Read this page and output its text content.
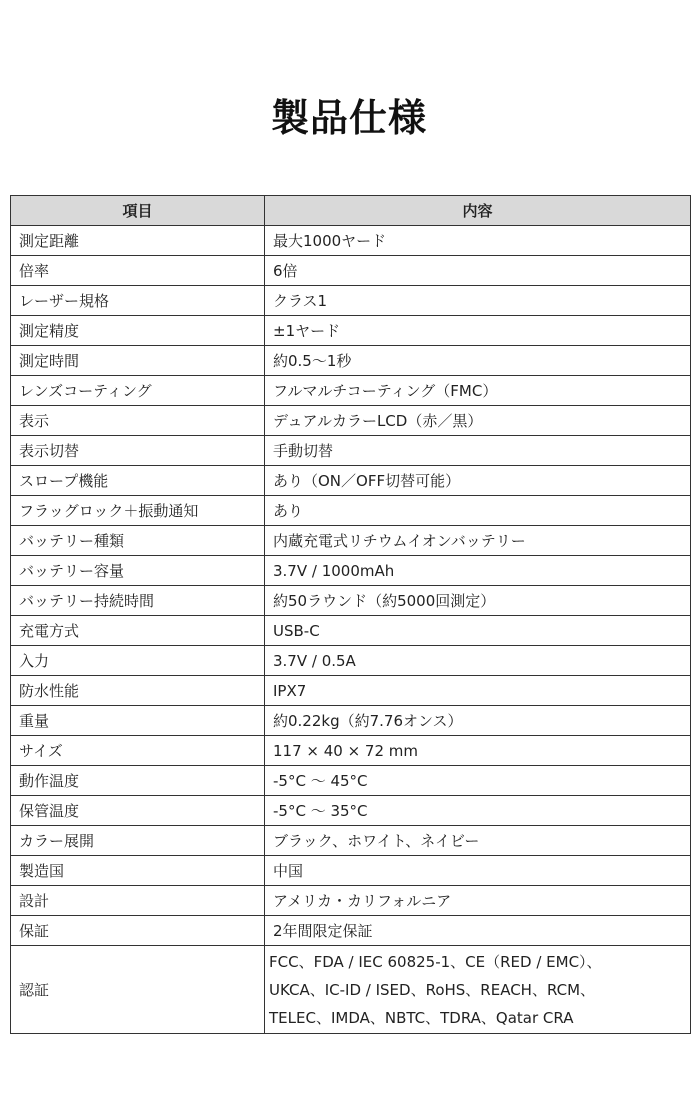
製品仕様
項目	内容
測定距離	最大1000ヤード
倍率	6倍
レーザー規格	クラス1
測定精度	±1ヤード
測定時間	約0.5〜1秒
レンズコーティング	フルマルチコーティング（FMC）
表示	デュアルカラーLCD（赤／黒）
表示切替	手動切替
スロープ機能	あり（ON／OFF切替可能）
フラッグロック＋振動通知	あり
バッテリー種類	内蔵充電式リチウムイオンバッテリー
バッテリー容量	3.7V / 1000mAh
バッテリー持続時間	約50ラウンド（約5000回測定）
充電方式	USB-C
入力	3.7V / 0.5A
防水性能	IPX7
重量	約0.22kg（約7.76オンス）
サイズ	117 × 40 × 72 mm
動作温度	-5°C 〜 45°C
保管温度	-5°C 〜 35°C
カラー展開	ブラック、ホワイト、ネイビー
製造国	中国
設計	アメリカ・カリフォルニア
保証	2年間限定保証
認証	FCC、FDA / IEC 60825-1、CE（RED / EMC）、
UKCA、IC-ID / ISED、RoHS、REACH、RCM、
TELEC、IMDA、NBTC、TDRA、Qatar CRA
